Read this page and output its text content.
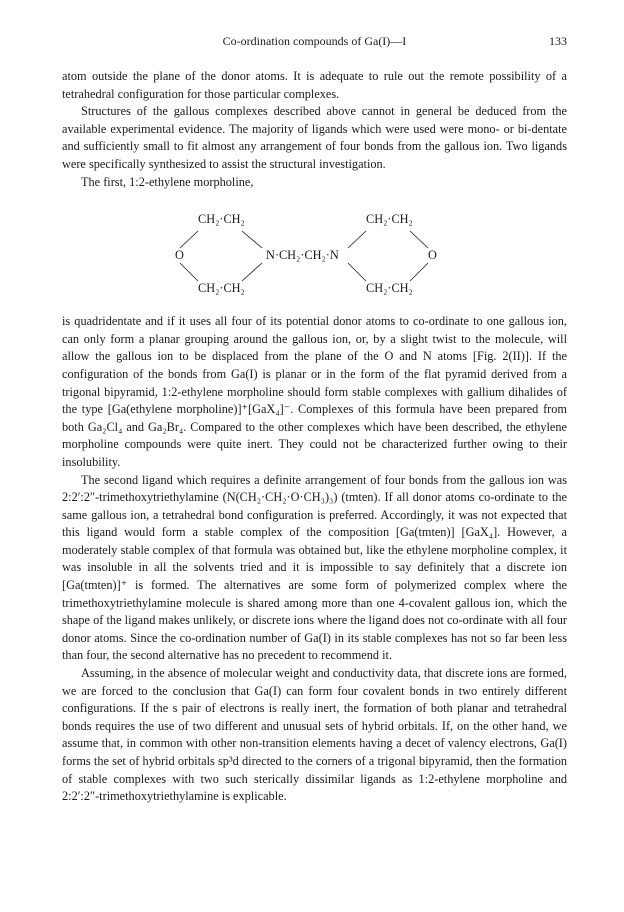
Co-ordination compounds of Ga(I)—I	133

atom outside the plane of the donor atoms. It is adequate to rule out the remote possibility of a tetrahedral configuration for those particular complexes.

Structures of the gallous complexes described above cannot in general be deduced from the available experimental evidence. The majority of ligands which were used were mono- or bi-dentate and sufficiently small to fit almost any arrangement of four bonds from the gallous ion. Two ligands were specifically synthesized to assist the structural investigation.

The first, 1:2-ethylene morpholine,

CH₂·CH₂	CH₂·CH₂
O	N·CH₂·CH₂·N	O
CH₂·CH₂	CH₂·CH₂

is quadridentate and if it uses all four of its potential donor atoms to co-ordinate to one gallous ion, can only form a planar grouping around the gallous ion, or, by a slight twist to the molecule, will allow the gallous ion to be displaced from the plane of the O and N atoms [Fig. 2(II)]. If the configuration of the bonds from Ga(I) is planar or in the form of the flat pyramid derived from a trigonal bipyramid, 1:2-ethylene morpholine should form stable complexes with gallium dihalides of the type [Ga(ethylene morpholine)]⁺[GaX₄]⁻. Complexes of this formula have been prepared from both Ga₂Cl₄ and Ga₂Br₄. Compared to the other complexes which have been described, the ethylene morpholine compounds were quite inert. They could not be characterized further owing to their insolubility.

The second ligand which requires a definite arrangement of four bonds from the gallous ion was 2:2′:2″-trimethoxytriethylamine (N(CH₂·CH₂·O·CH₃)₃) (tmten). If all donor atoms co-ordinate to the same gallous ion, a tetrahedral bond configuration is preferred. Accordingly, it was not expected that this ligand would form a stable complex of the composition [Ga(tmten)] [GaX₄]. However, a moderately stable complex of that formula was obtained but, like the ethylene morpholine complex, it was insoluble in all the solvents tried and it is impossible to say definitely that a discrete ion [Ga(tmten)]⁺ is formed. The alternatives are some form of polymerized complex where the trimethoxytriethylamine molecule is shared among more than one 4-covalent gallous ion, which the shape of the ligand makes unlikely, or discrete ions where the ligand does not co-ordinate with all four donor atoms. Since the co-ordination number of Ga(I) in its stable complexes has not so far been less than four, the second alternative has no precedent to recommend it.

Assuming, in the absence of molecular weight and conductivity data, that discrete ions are formed, we are forced to the conclusion that Ga(I) can form four covalent bonds in two entirely different configurations. If the s pair of electrons is really inert, the formation of both planar and tetrahedral bonds requires the use of two different and unusual sets of hybrid orbitals. If, on the other hand, we assume that, in common with other non-transition elements having a decet of valency electrons, Ga(I) forms the set of hybrid orbitals sp³d directed to the corners of a trigonal bipyramid, then the formation of stable complexes with two such sterically dissimilar ligands as 1:2-ethylene morpholine and 2:2′:2″-trimethoxytriethylamine is explicable.
